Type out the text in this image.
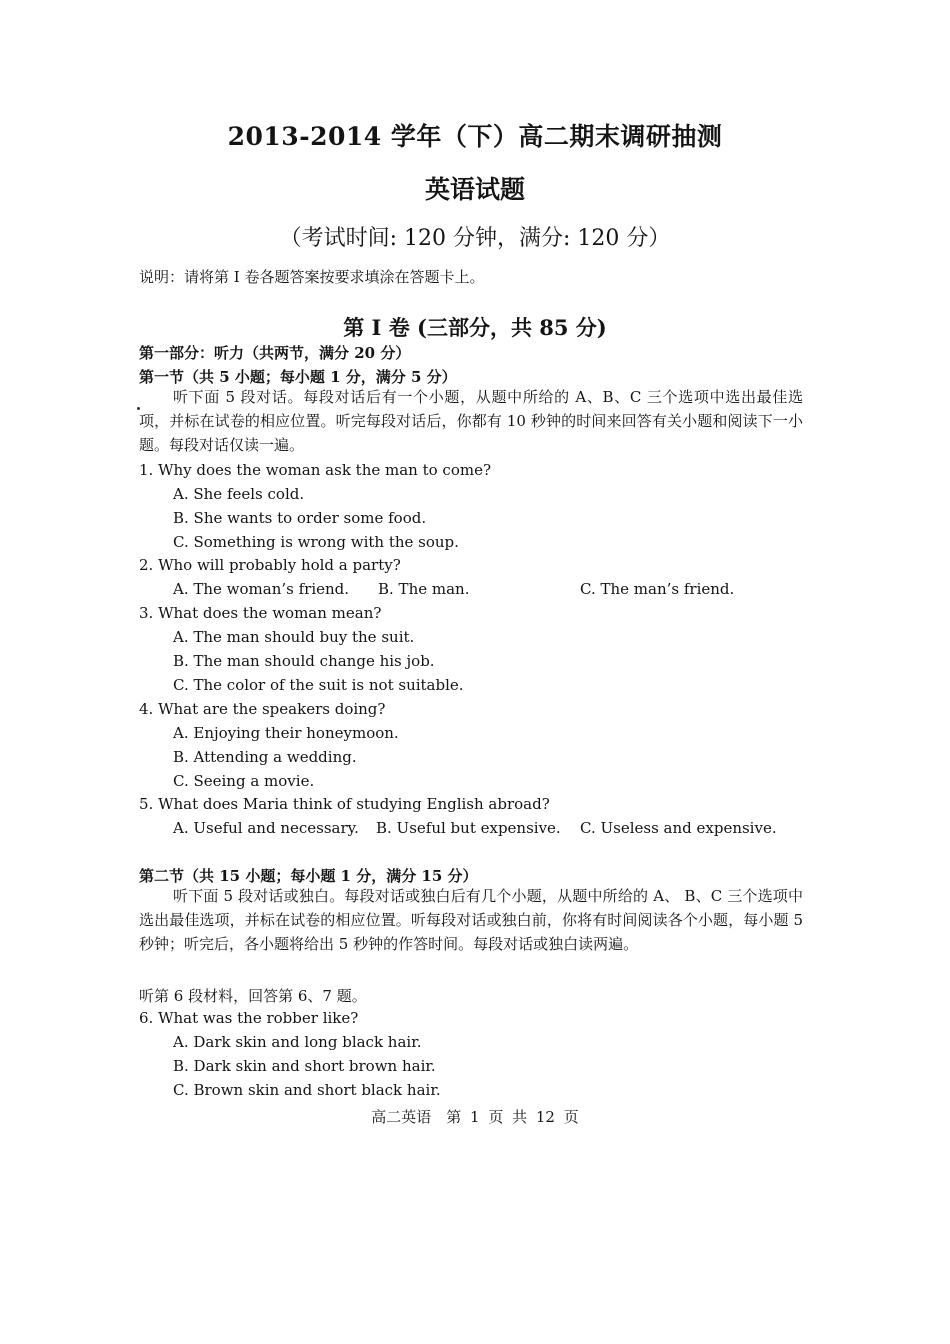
2013-2014 学年（下）高二期末调研抽测
英语试题
（考试时间: 120 分钟，满分: 120 分）
说明：请将第 I 卷各题答案按要求填涂在答题卡上。
第 I 卷 (三部分，共 85 分)
第一部分：听力（共两节，满分 20 分）
第一节（共 5 小题；每小题 1 分，满分 5 分）
听下面 5 段对话。每段对话后有一个小题，从题中所给的 A、B、C 三个选项中选出最佳选项，并标在试卷的相应位置。听完每段对话后，你都有 10 秒钟的时间来回答有关小题和阅读下一小题。每段对话仅读一遍。
1. Why does the woman ask the man to come?
A. She feels cold.
B. She wants to order some food.
C. Something is wrong with the soup.
2. Who will probably hold a party?
A. The woman’s friend. B. The man.	C. The man’s friend.
3. What does the woman mean?
A. The man should buy the suit.
B. The man should change his job.
C. The color of the suit is not suitable.
4. What are the speakers doing?
A. Enjoying their honeymoon.
B. Attending a wedding.
C. Seeing a movie.
5. What does Maria think of studying English abroad?
A. Useful and necessary. B. Useful but expensive. C. Useless and expensive.
第二节（共 15 小题；每小题 1 分，满分 15 分）
听下面 5 段对话或独白。每段对话或独白后有几个小题，从题中所给的 A、 B、C 三个选项中选出最佳选项，并标在试卷的相应位置。听每段对话或独白前，你将有时间阅读各个小题，每小题 5 秒钟；听完后，各小题将给出 5 秒钟的作答时间。每段对话或独白读两遍。
听第 6 段材料，回答第 6、7 题。
6. What was the robber like?
A. Dark skin and long black hair.
B. Dark skin and short brown hair.
C. Brown skin and short black hair.
高二英语　第 1 页 共 12 页
